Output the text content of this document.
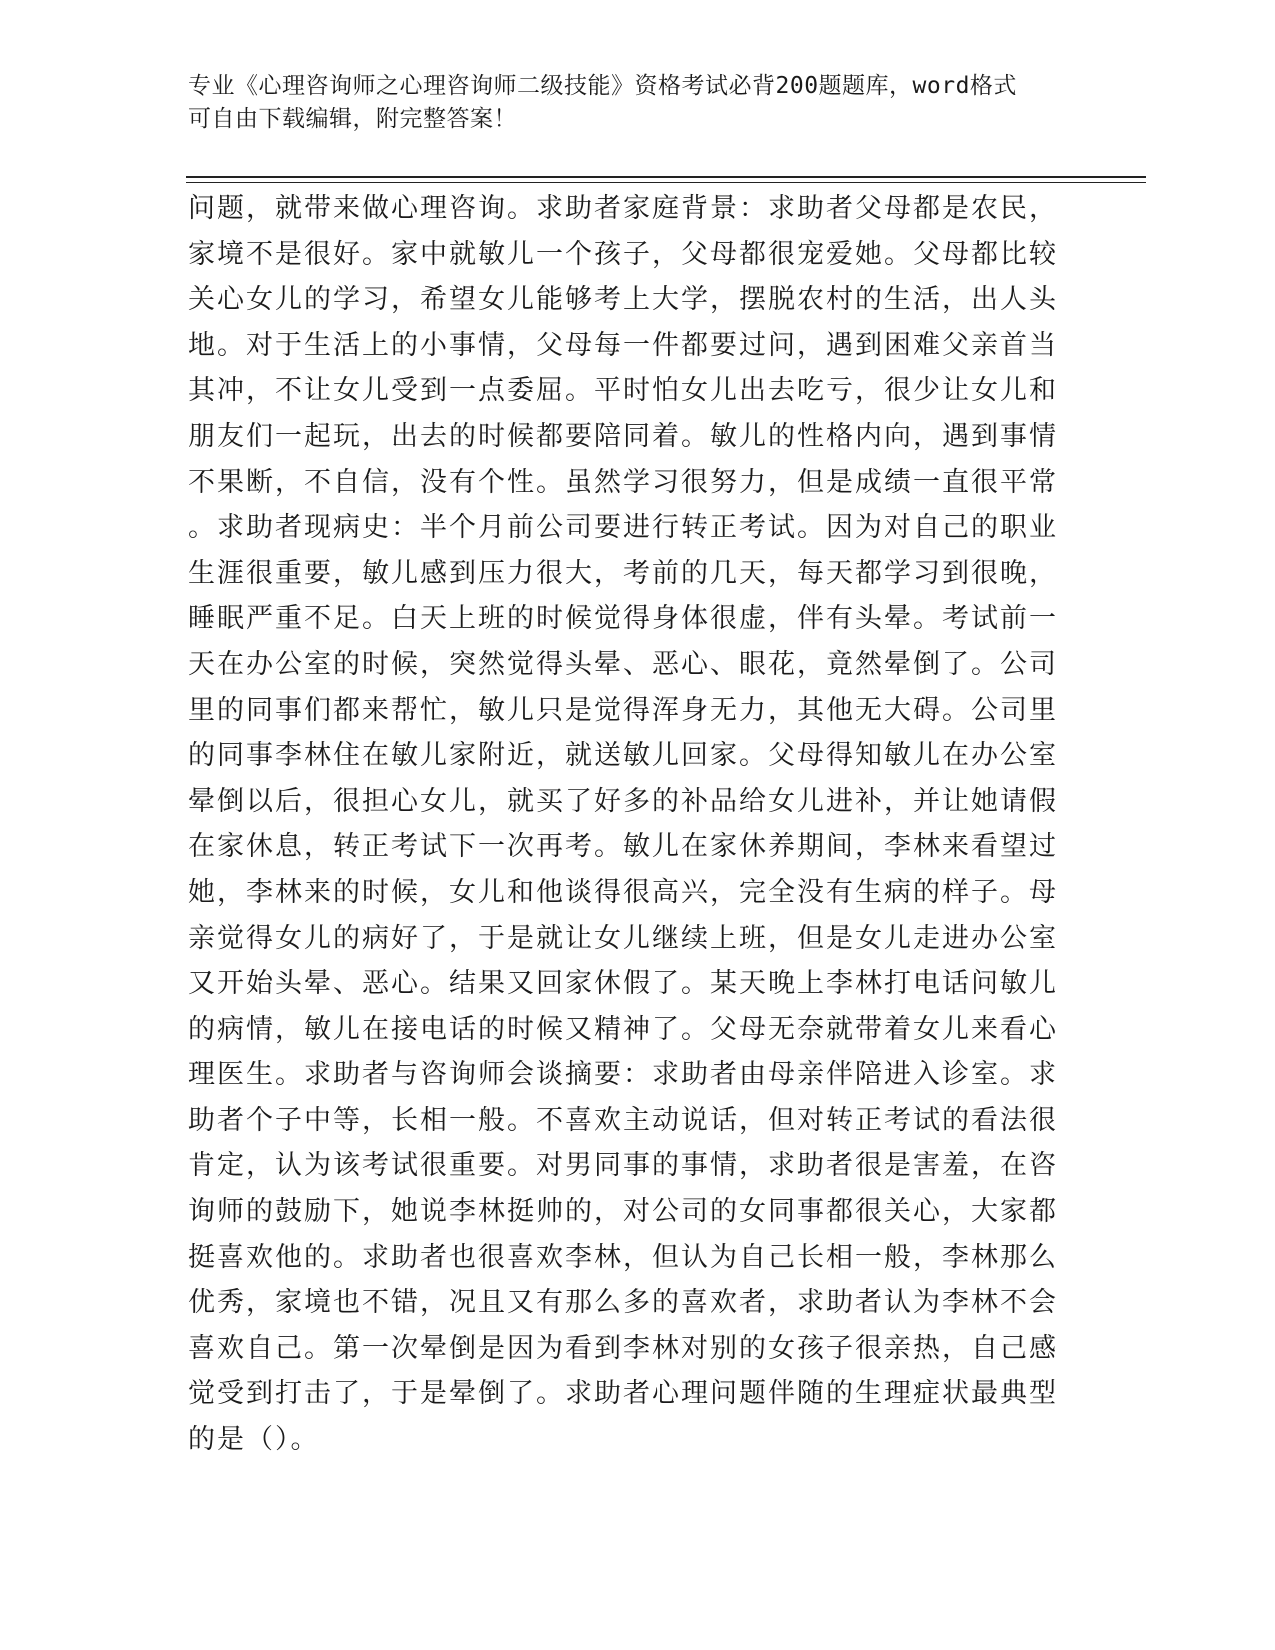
专业《心理咨询师之心理咨询师二级技能》资格考试必背200题题库，word格式
可自由下载编辑，附完整答案！
问题，就带来做心理咨询。求助者家庭背景：求助者父母都是农民，
家境不是很好。家中就敏儿一个孩子，父母都很宠爱她。父母都比较
关心女儿的学习，希望女儿能够考上大学，摆脱农村的生活，出人头
地。对于生活上的小事情，父母每一件都要过问，遇到困难父亲首当
其冲，不让女儿受到一点委屈。平时怕女儿出去吃亏，很少让女儿和
朋友们一起玩，出去的时候都要陪同着。敏儿的性格内向，遇到事情
不果断，不自信，没有个性。虽然学习很努力，但是成绩一直很平常
。求助者现病史：半个月前公司要进行转正考试。因为对自己的职业
生涯很重要，敏儿感到压力很大，考前的几天，每天都学习到很晚，
睡眠严重不足。白天上班的时候觉得身体很虚，伴有头晕。考试前一
天在办公室的时候，突然觉得头晕、恶心、眼花，竟然晕倒了。公司
里的同事们都来帮忙，敏儿只是觉得浑身无力，其他无大碍。公司里
的同事李林住在敏儿家附近，就送敏儿回家。父母得知敏儿在办公室
晕倒以后，很担心女儿，就买了好多的补品给女儿进补，并让她请假
在家休息，转正考试下一次再考。敏儿在家休养期间，李林来看望过
她，李林来的时候，女儿和他谈得很高兴，完全没有生病的样子。母
亲觉得女儿的病好了，于是就让女儿继续上班，但是女儿走进办公室
又开始头晕、恶心。结果又回家休假了。某天晚上李林打电话问敏儿
的病情，敏儿在接电话的时候又精神了。父母无奈就带着女儿来看心
理医生。求助者与咨询师会谈摘要：求助者由母亲伴陪进入诊室。求
助者个子中等，长相一般。不喜欢主动说话，但对转正考试的看法很
肯定，认为该考试很重要。对男同事的事情，求助者很是害羞，在咨
询师的鼓励下，她说李林挺帅的，对公司的女同事都很关心，大家都
挺喜欢他的。求助者也很喜欢李林，但认为自己长相一般，李林那么
优秀，家境也不错，况且又有那么多的喜欢者，求助者认为李林不会
喜欢自己。第一次晕倒是因为看到李林对别的女孩子很亲热，自己感
觉受到打击了，于是晕倒了。求助者心理问题伴随的生理症状最典型
的是（）。
